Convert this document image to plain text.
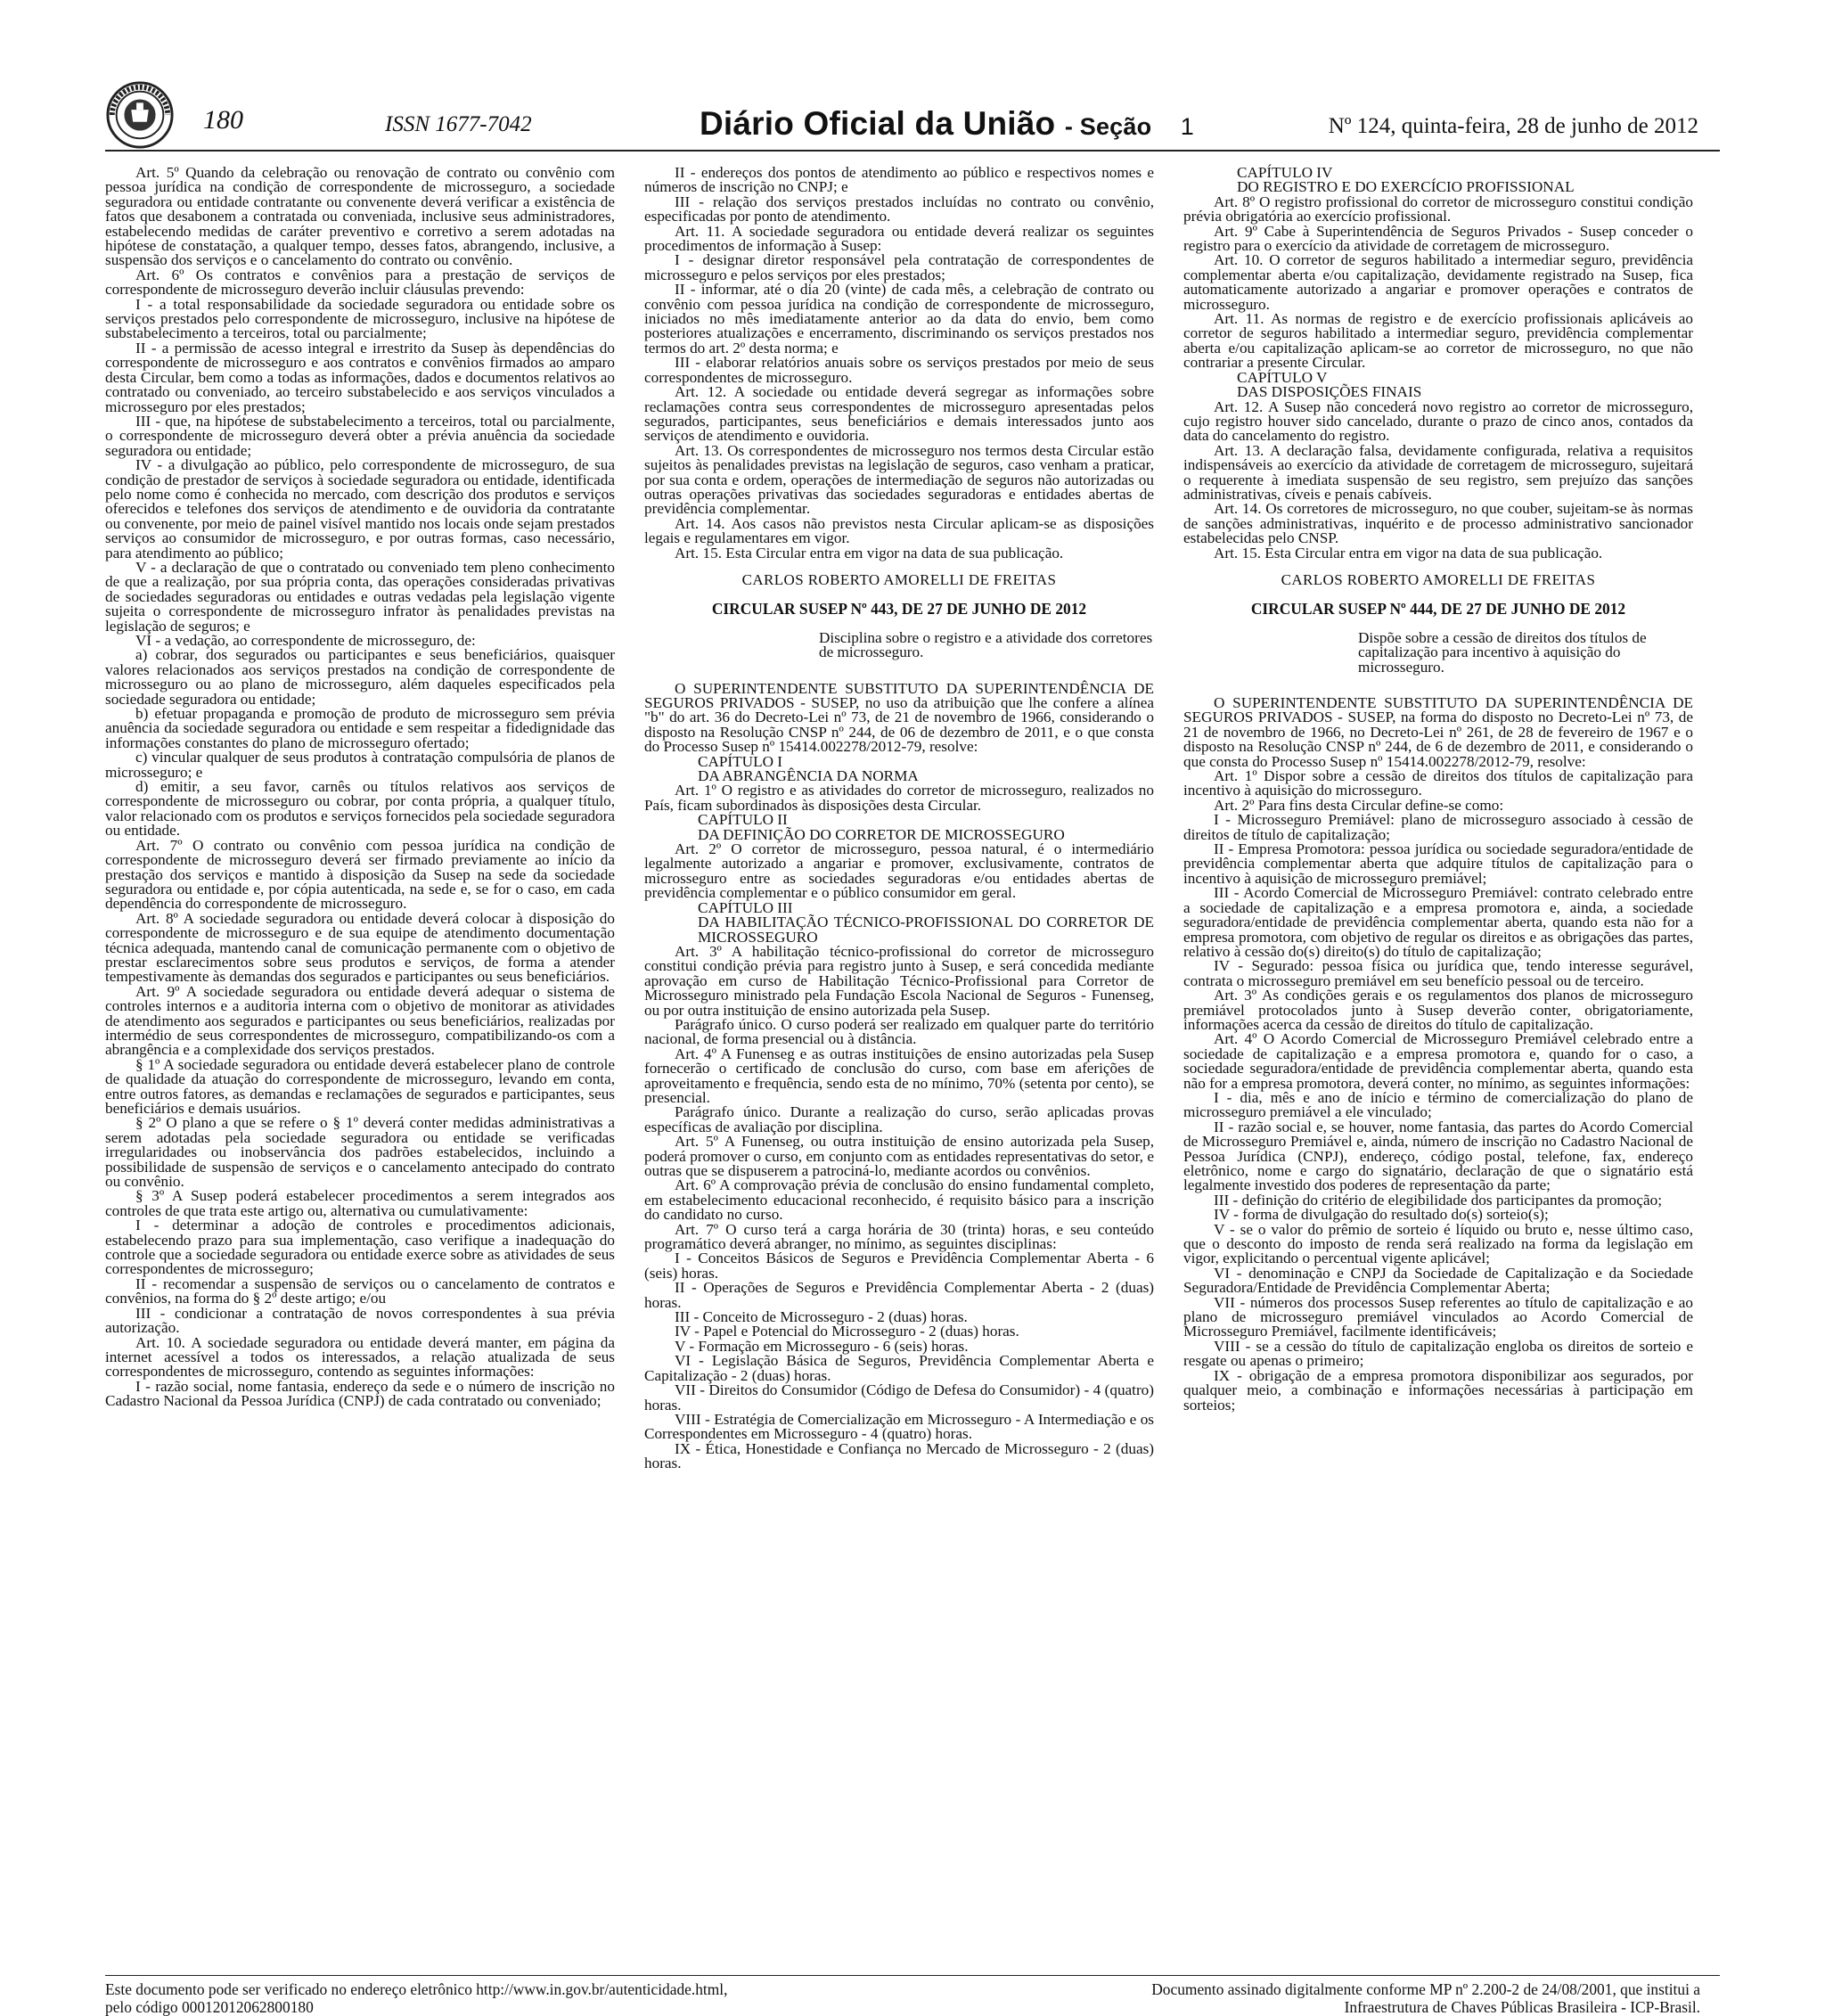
180	ISSN 1677-7042	Diário Oficial da União - Seção 1	Nº 124, quinta-feira, 28 de junho de 2012

Art. 5º Quando da celebração ou renovação de contrato ou convênio com pessoa jurídica na condição de correspondente de microsseguro, a sociedade seguradora ou entidade contratante ou convenente deverá verificar a existência de fatos que desabonem a contratada ou conveniada, inclusive seus administradores, estabelecendo medidas de caráter preventivo e corretivo a serem adotadas na hipótese de constatação, a qualquer tempo, desses fatos, abrangendo, inclusive, a suspensão dos serviços e o cancelamento do contrato ou convênio.

Art. 6º Os contratos e convênios para a prestação de serviços de correspondente de microsseguro deverão incluir cláusulas prevendo:

I - a total responsabilidade da sociedade seguradora ou entidade sobre os serviços prestados pelo correspondente de microsseguro, inclusive na hipótese de substabelecimento a terceiros, total ou parcialmente;

II - a permissão de acesso integral e irrestrito da Susep às dependências do correspondente de microsseguro e aos contratos e convênios firmados ao amparo desta Circular, bem como a todas as informações, dados e documentos relativos ao contratado ou conveniado, ao terceiro substabelecido e aos serviços vinculados a microsseguro por eles prestados;

III - que, na hipótese de substabelecimento a terceiros, total ou parcialmente, o correspondente de microsseguro deverá obter a prévia anuência da sociedade seguradora ou entidade;

IV - a divulgação ao público, pelo correspondente de microsseguro, de sua condição de prestador de serviços à sociedade seguradora ou entidade, identificada pelo nome como é conhecida no mercado, com descrição dos produtos e serviços oferecidos e telefones dos serviços de atendimento e de ouvidoria da contratante ou convenente, por meio de painel visível mantido nos locais onde sejam prestados serviços ao consumidor de microsseguro, e por outras formas, caso necessário, para atendimento ao público;

V - a declaração de que o contratado ou conveniado tem pleno conhecimento de que a realização, por sua própria conta, das operações consideradas privativas de sociedades seguradoras ou entidades e outras vedadas pela legislação vigente sujeita o correspondente de microsseguro infrator às penalidades previstas na legislação de seguros; e

VI - a vedação, ao correspondente de microsseguro, de:

a) cobrar, dos segurados ou participantes e seus beneficiários, quaisquer valores relacionados aos serviços prestados na condição de correspondente de microsseguro ou ao plano de microsseguro, além daqueles especificados pela sociedade seguradora ou entidade;

b) efetuar propaganda e promoção de produto de microsseguro sem prévia anuência da sociedade seguradora ou entidade e sem respeitar a fidedignidade das informações constantes do plano de microsseguro ofertado;

c) vincular qualquer de seus produtos à contratação compulsória de planos de microsseguro; e

d) emitir, a seu favor, carnês ou títulos relativos aos serviços de correspondente de microsseguro ou cobrar, por conta própria, a qualquer título, valor relacionado com os produtos e serviços fornecidos pela sociedade seguradora ou entidade.

Art. 7º O contrato ou convênio com pessoa jurídica na condição de correspondente de microsseguro deverá ser firmado previamente ao início da prestação dos serviços e mantido à disposição da Susep na sede da sociedade seguradora ou entidade e, por cópia autenticada, na sede e, se for o caso, em cada dependência do correspondente de microsseguro.

Art. 8º A sociedade seguradora ou entidade deverá colocar à disposição do correspondente de microsseguro e de sua equipe de atendimento documentação técnica adequada, mantendo canal de comunicação permanente com o objetivo de prestar esclarecimentos sobre seus produtos e serviços, de forma a atender tempestivamente às demandas dos segurados e participantes ou seus beneficiários.

Art. 9º A sociedade seguradora ou entidade deverá adequar o sistema de controles internos e a auditoria interna com o objetivo de monitorar as atividades de atendimento aos segurados e participantes ou seus beneficiários, realizadas por intermédio de seus correspondentes de microsseguro, compatibilizando-os com a abrangência e a complexidade dos serviços prestados.

§ 1º A sociedade seguradora ou entidade deverá estabelecer plano de controle de qualidade da atuação do correspondente de microsseguro, levando em conta, entre outros fatores, as demandas e reclamações de segurados e participantes, seus beneficiários e demais usuários.

§ 2º O plano a que se refere o § 1º deverá conter medidas administrativas a serem adotadas pela sociedade seguradora ou entidade se verificadas irregularidades ou inobservância dos padrões estabelecidos, incluindo a possibilidade de suspensão de serviços e o cancelamento antecipado do contrato ou convênio.

§ 3º A Susep poderá estabelecer procedimentos a serem integrados aos controles de que trata este artigo ou, alternativa ou cumulativamente:

I - determinar a adoção de controles e procedimentos adicionais, estabelecendo prazo para sua implementação, caso verifique a inadequação do controle que a sociedade seguradora ou entidade exerce sobre as atividades de seus correspondentes de microsseguro;

II - recomendar a suspensão de serviços ou o cancelamento de contratos e convênios, na forma do § 2º deste artigo; e/ou

III - condicionar a contratação de novos correspondentes à sua prévia autorização.

Art. 10. A sociedade seguradora ou entidade deverá manter, em página da internet acessível a todos os interessados, a relação atualizada de seus correspondentes de microsseguro, contendo as seguintes informações:

I - razão social, nome fantasia, endereço da sede e o número de inscrição no Cadastro Nacional da Pessoa Jurídica (CNPJ) de cada contratado ou conveniado;

II - endereços dos pontos de atendimento ao público e respectivos nomes e números de inscrição no CNPJ; e

III - relação dos serviços prestados incluídas no contrato ou convênio, especificadas por ponto de atendimento.

Art. 11. A sociedade seguradora ou entidade deverá realizar os seguintes procedimentos de informação à Susep:

I - designar diretor responsável pela contratação de correspondentes de microsseguro e pelos serviços por eles prestados;

II - informar, até o dia 20 (vinte) de cada mês, a celebração de contrato ou convênio com pessoa jurídica na condição de correspondente de microsseguro, iniciados no mês imediatamente anterior ao da data do envio, bem como posteriores atualizações e encerramento, discriminando os serviços prestados nos termos do art. 2º desta norma; e

III - elaborar relatórios anuais sobre os serviços prestados por meio de seus correspondentes de microsseguro.

Art. 12. A sociedade ou entidade deverá segregar as informações sobre reclamações contra seus correspondentes de microsseguro apresentadas pelos segurados, participantes, seus beneficiários e demais interessados junto aos serviços de atendimento e ouvidoria.

Art. 13. Os correspondentes de microsseguro nos termos desta Circular estão sujeitos às penalidades previstas na legislação de seguros, caso venham a praticar, por sua conta e ordem, operações de intermediação de seguros não autorizadas ou outras operações privativas das sociedades seguradoras e entidades abertas de previdência complementar.

Art. 14. Aos casos não previstos nesta Circular aplicam-se as disposições legais e regulamentares em vigor.

Art. 15. Esta Circular entra em vigor na data de sua publicação.

CARLOS ROBERTO AMORELLI DE FREITAS
CIRCULAR SUSEP Nº 443, DE 27 DE JUNHO DE 2012
Disciplina sobre o registro e a atividade dos corretores de microsseguro.

O SUPERINTENDENTE SUBSTITUTO DA SUPERINTENDÊNCIA DE SEGUROS PRIVADOS - SUSEP, no uso da atribuição que lhe confere a alínea "b" do art. 36 do Decreto-Lei nº 73, de 21 de novembro de 1966, considerando o disposto na Resolução CNSP nº 244, de 06 de dezembro de 2011, e o que consta do Processo Susep nº 15414.002278/2012-79, resolve:

CAPÍTULO I

DA ABRANGÊNCIA DA NORMA

Art. 1º O registro e as atividades do corretor de microsseguro, realizados no País, ficam subordinados às disposições desta Circular.

CAPÍTULO II

DA DEFINIÇÃO DO CORRETOR DE MICROSSEGURO

Art. 2º O corretor de microsseguro, pessoa natural, é o intermediário legalmente autorizado a angariar e promover, exclusivamente, contratos de microsseguro entre as sociedades seguradoras e/ou entidades abertas de previdência complementar e o público consumidor em geral.

CAPÍTULO III

DA HABILITAÇÃO TÉCNICO-PROFISSIONAL DO CORRETOR DE MICROSSEGURO

Art. 3º A habilitação técnico-profissional do corretor de microsseguro constitui condição prévia para registro junto à Susep, e será concedida mediante aprovação em curso de Habilitação Técnico-Profissional para Corretor de Microsseguro ministrado pela Fundação Escola Nacional de Seguros - Funenseg, ou por outra instituição de ensino autorizada pela Susep.

Parágrafo único. O curso poderá ser realizado em qualquer parte do território nacional, de forma presencial ou à distância.

Art. 4º A Funenseg e as outras instituições de ensino autorizadas pela Susep fornecerão o certificado de conclusão do curso, com base em aferições de aproveitamento e frequência, sendo esta de no mínimo, 70% (setenta por cento), se presencial.

Parágrafo único. Durante a realização do curso, serão aplicadas provas específicas de avaliação por disciplina.

Art. 5º A Funenseg, ou outra instituição de ensino autorizada pela Susep, poderá promover o curso, em conjunto com as entidades representativas do setor, e outras que se dispuserem a patrociná-lo, mediante acordos ou convênios.

Art. 6º A comprovação prévia de conclusão do ensino fundamental completo, em estabelecimento educacional reconhecido, é requisito básico para a inscrição do candidato no curso.

Art. 7º O curso terá a carga horária de 30 (trinta) horas, e seu conteúdo programático deverá abranger, no mínimo, as seguintes disciplinas:

I - Conceitos Básicos de Seguros e Previdência Complementar Aberta - 6 (seis) horas.

II - Operações de Seguros e Previdência Complementar Aberta - 2 (duas) horas.

III - Conceito de Microsseguro - 2 (duas) horas.

IV - Papel e Potencial do Microsseguro - 2 (duas) horas.

V - Formação em Microsseguro - 6 (seis) horas.

VI - Legislação Básica de Seguros, Previdência Complementar Aberta e Capitalização - 2 (duas) horas.

VII - Direitos do Consumidor (Código de Defesa do Consumidor) - 4 (quatro) horas.

VIII - Estratégia de Comercialização em Microsseguro - A Intermediação e os Correspondentes em Microsseguro - 4 (quatro) horas.

IX - Ética, Honestidade e Confiança no Mercado de Microsseguro - 2 (duas) horas.

CAPÍTULO IV

DO REGISTRO E DO EXERCÍCIO PROFISSIONAL

Art. 8º O registro profissional do corretor de microsseguro constitui condição prévia obrigatória ao exercício profissional.

Art. 9º Cabe à Superintendência de Seguros Privados - Susep conceder o registro para o exercício da atividade de corretagem de microsseguro.

Art. 10. O corretor de seguros habilitado a intermediar seguro, previdência complementar aberta e/ou capitalização, devidamente registrado na Susep, fica automaticamente autorizado a angariar e promover operações e contratos de microsseguro.

Art. 11. As normas de registro e de exercício profissionais aplicáveis ao corretor de seguros habilitado a intermediar seguro, previdência complementar aberta e/ou capitalização aplicam-se ao corretor de microsseguro, no que não contrariar a presente Circular.

CAPÍTULO V

DAS DISPOSIÇÕES FINAIS

Art. 12. A Susep não concederá novo registro ao corretor de microsseguro, cujo registro houver sido cancelado, durante o prazo de cinco anos, contados da data do cancelamento do registro.

Art. 13. A declaração falsa, devidamente configurada, relativa a requisitos indispensáveis ao exercício da atividade de corretagem de microsseguro, sujeitará o requerente à imediata suspensão de seu registro, sem prejuízo das sanções administrativas, cíveis e penais cabíveis.

Art. 14. Os corretores de microsseguro, no que couber, sujeitam-se às normas de sanções administrativas, inquérito e de processo administrativo sancionador estabelecidas pelo CNSP.

Art. 15. Esta Circular entra em vigor na data de sua publicação.

CARLOS ROBERTO AMORELLI DE FREITAS
CIRCULAR SUSEP Nº 444, DE 27 DE JUNHO DE 2012
Dispõe sobre a cessão de direitos dos títulos de capitalização para incentivo à aquisição do microsseguro.

O SUPERINTENDENTE SUBSTITUTO DA SUPERINTENDÊNCIA DE SEGUROS PRIVADOS - SUSEP, na forma do disposto no Decreto-Lei nº 73, de 21 de novembro de 1966, no Decreto-Lei nº 261, de 28 de fevereiro de 1967 e o disposto na Resolução CNSP nº 244, de 6 de dezembro de 2011, e considerando o que consta do Processo Susep nº 15414.002278/2012-79, resolve:

Art. 1º Dispor sobre a cessão de direitos dos títulos de capitalização para incentivo à aquisição do microsseguro.

Art. 2º Para fins desta Circular define-se como:

I - Microsseguro Premiável: plano de microsseguro associado à cessão de direitos de título de capitalização;

II - Empresa Promotora: pessoa jurídica ou sociedade seguradora/entidade de previdência complementar aberta que adquire títulos de capitalização para o incentivo à aquisição de microsseguro premiável;

III - Acordo Comercial de Microsseguro Premiável: contrato celebrado entre a sociedade de capitalização e a empresa promotora e, ainda, a sociedade seguradora/entidade de previdência complementar aberta, quando esta não for a empresa promotora, com objetivo de regular os direitos e as obrigações das partes, relativo à cessão do(s) direito(s) do título de capitalização;

IV - Segurado: pessoa física ou jurídica que, tendo interesse segurável, contrata o microsseguro premiável em seu benefício pessoal ou de terceiro.

Art. 3º As condições gerais e os regulamentos dos planos de microsseguro premiável protocolados junto à Susep deverão conter, obrigatoriamente, informações acerca da cessão de direitos do título de capitalização.

Art. 4º O Acordo Comercial de Microsseguro Premiável celebrado entre a sociedade de capitalização e a empresa promotora e, quando for o caso, a sociedade seguradora/entidade de previdência complementar aberta, quando esta não for a empresa promotora, deverá conter, no mínimo, as seguintes informações:

I - dia, mês e ano de início e término de comercialização do plano de microsseguro premiável a ele vinculado;

II - razão social e, se houver, nome fantasia, das partes do Acordo Comercial de Microsseguro Premiável e, ainda, número de inscrição no Cadastro Nacional de Pessoa Jurídica (CNPJ), endereço, código postal, telefone, fax, endereço eletrônico, nome e cargo do signatário, declaração de que o signatário está legalmente investido dos poderes de representação da parte;

III - definição do critério de elegibilidade dos participantes da promoção;

IV - forma de divulgação do resultado do(s) sorteio(s);

V - se o valor do prêmio de sorteio é líquido ou bruto e, nesse último caso, que o desconto do imposto de renda será realizado na forma da legislação em vigor, explicitando o percentual vigente aplicável;

VI - denominação e CNPJ da Sociedade de Capitalização e da Sociedade Seguradora/Entidade de Previdência Complementar Aberta;

VII - números dos processos Susep referentes ao título de capitalização e ao plano de microsseguro premiável vinculados ao Acordo Comercial de Microsseguro Premiável, facilmente identificáveis;

VIII - se a cessão do título de capitalização engloba os direitos de sorteio e resgate ou apenas o primeiro;

IX - obrigação de a empresa promotora disponibilizar aos segurados, por qualquer meio, a combinação e informações necessárias à participação em sorteios;

Este documento pode ser verificado no endereço eletrônico http://www.in.gov.br/autenticidade.html,
pelo código 00012012062800180
Documento assinado digitalmente conforme MP nº 2.200-2 de 24/08/2001, que institui a
Infraestrutura de Chaves Públicas Brasileira - ICP-Brasil.
